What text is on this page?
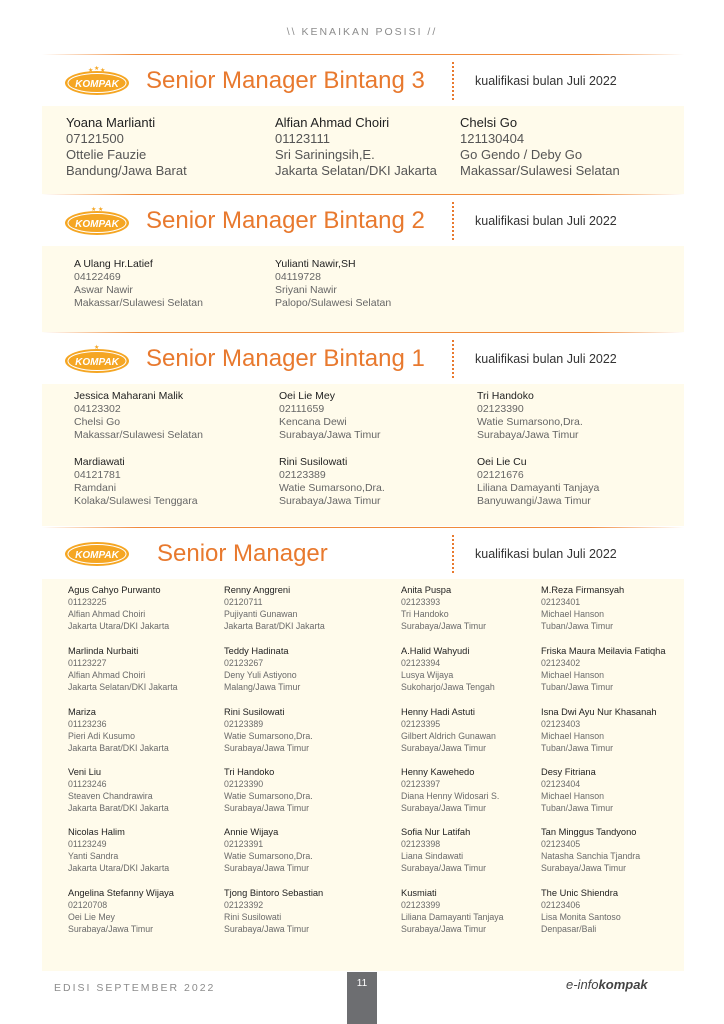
\\ KENAIKAN POSISI //
KOMPAK
★ ★ ★ Senior Manager Bintang 3	kualifikasi bulan Juli 2022
Yoana Marlianti
07121500
Ottelie Fauzie
Bandung/Jawa Barat
Alfian Ahmad Choiri
01123111
Sri Sariningsih,E.
Jakarta Selatan/DKI Jakarta
Chelsi Go
121130404
Go Gendo / Deby Go
Makassar/Sulawesi Selatan
KOMPAK
★ ★ Senior Manager Bintang 2	kualifikasi bulan Juli 2022
A Ulang Hr.Latief
04122469
Aswar Nawir
Makassar/Sulawesi Selatan
Yulianti Nawir,SH
04119728
Sriyani Nawir
Palopo/Sulawesi Selatan
KOMPAK
★ Senior Manager Bintang 1	kualifikasi bulan Juli 2022
Jessica Maharani Malik
04123302
Chelsi Go
Makassar/Sulawesi Selatan
Oei Lie Mey
02111659
Kencana Dewi
Surabaya/Jawa Timur
Tri Handoko
02123390
Watie Sumarsono,Dra.
Surabaya/Jawa Timur
Mardiawati
04121781
Ramdani
Kolaka/Sulawesi Tenggara
Rini Susilowati
02123389
Watie Sumarsono,Dra.
Surabaya/Jawa Timur
Oei Lie Cu
02121676
Liliana Damayanti Tanjaya
Banyuwangi/Jawa Timur
KOMPAK Senior Manager	kualifikasi bulan Juli 2022
Agus Cahyo Purwanto
01123225
Alfian Ahmad Choiri
Jakarta Utara/DKI Jakarta
Renny Anggreni
02120711
Pujiyanti Gunawan
Jakarta Barat/DKI Jakarta
Anita Puspa
02123393
Tri Handoko
Surabaya/Jawa Timur
M.Reza Firmansyah
02123401
Michael Hanson
Tuban/Jawa Timur
Marlinda Nurbaiti
01123227
Alfian Ahmad Choiri
Jakarta Selatan/DKI Jakarta
Teddy Hadinata
02123267
Deny Yuli Astiyono
Malang/Jawa Timur
A.Halid Wahyudi
02123394
Lusya Wijaya
Sukoharjo/Jawa Tengah
Friska Maura Meilavia Fatiqha
02123402
Michael Hanson
Tuban/Jawa Timur
Mariza
01123236
Pieri Adi Kusumo
Jakarta Barat/DKI Jakarta
Rini Susilowati
02123389
Watie Sumarsono,Dra.
Surabaya/Jawa Timur
Henny Hadi Astuti
02123395
Gilbert Aldrich Gunawan
Surabaya/Jawa Timur
Isna Dwi Ayu Nur Khasanah
02123403
Michael Hanson
Tuban/Jawa Timur
Veni Liu
01123246
Steaven Chandrawira
Jakarta Barat/DKI Jakarta
Tri Handoko
02123390
Watie Sumarsono,Dra.
Surabaya/Jawa Timur
Henny Kawehedo
02123397
Diana Henny Widosari S.
Surabaya/Jawa Timur
Desy Fitriana
02123404
Michael Hanson
Tuban/Jawa Timur
Nicolas Halim
01123249
Yanti Sandra
Jakarta Utara/DKI Jakarta
Annie Wijaya
02123391
Watie Sumarsono,Dra.
Surabaya/Jawa Timur
Sofia Nur Latifah
02123398
Liana Sindawati
Surabaya/Jawa Timur
Tan Minggus Tandyono
02123405
Natasha Sanchia Tjandra
Surabaya/Jawa Timur
Angelina Stefanny Wijaya
02120708
Oei Lie Mey
Surabaya/Jawa Timur
Tjong Bintoro Sebastian
02123392
Rini Susilowati
Surabaya/Jawa Timur
Kusmiati
02123399
Liliana Damayanti Tanjaya
Surabaya/Jawa Timur
The Unic Shiendra
02123406
Lisa Monita Santoso
Denpasar/Bali
EDISI SEPTEMBER 2022	11	e-infokompak
